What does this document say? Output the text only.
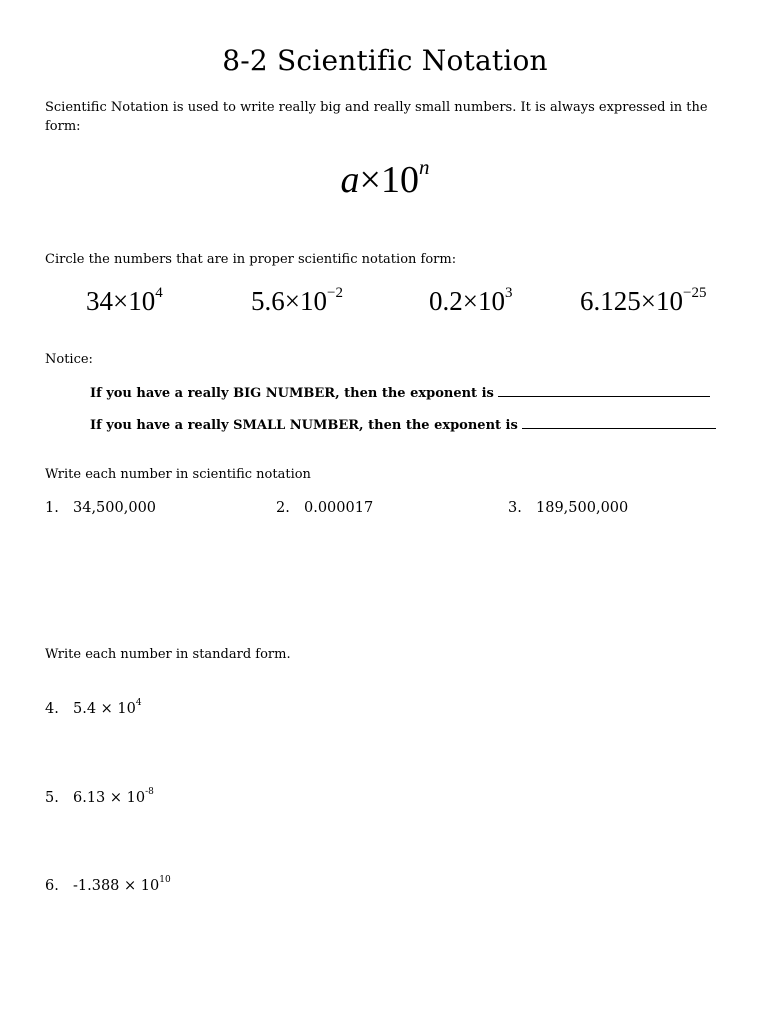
8-2 Scientific Notation
Scientific Notation is used to write really big and really small numbers. It is always expressed in the form:
$a\times 10^n$
Circle the numbers that are in proper scientific notation form:
$34\times 10^4$	$5.6\times 10^{-2}$	$0.2\times 10^3$	$6.125\times 10^{-25}$
Notice:
If you have a really BIG NUMBER, then the exponent is
If you have a really SMALL NUMBER, then the exponent is
Write each number in scientific notation
1. 34,500,000	2. 0.000017	3. 189,500,000
Write each number in standard form.
4. $5.4 \times 10^4$
5. $6.13 \times 10^{-8}$
6. $-1.388 \times 10^{10}$
